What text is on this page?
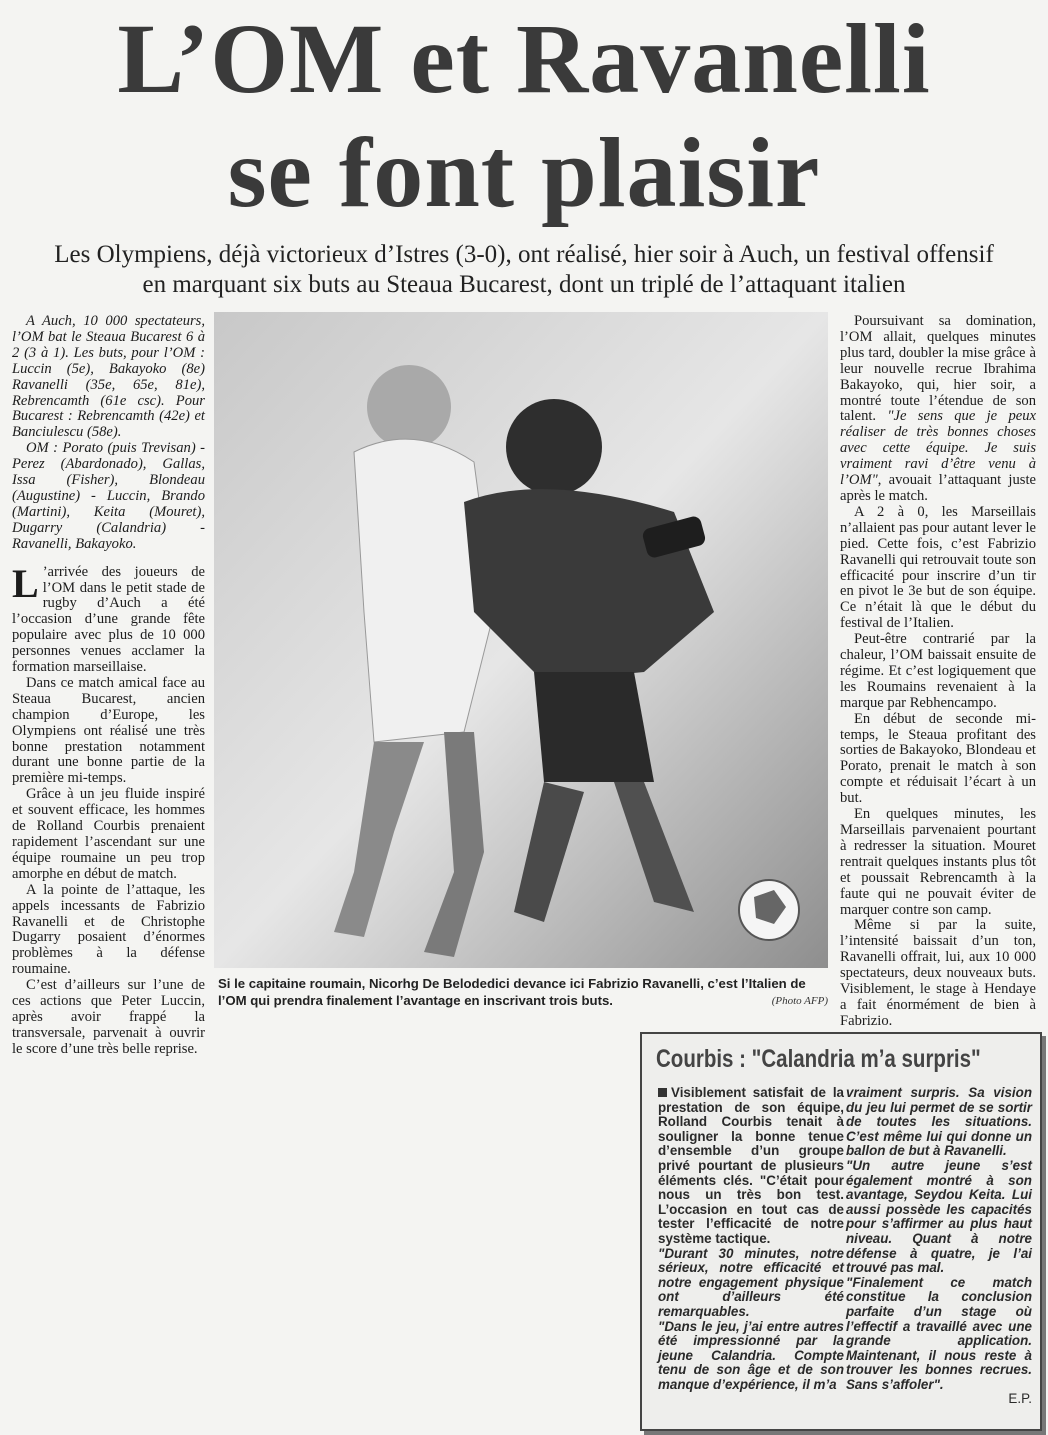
L’OM et Ravanelli
se font plaisir
Les Olympiens, déjà victorieux d’Istres (3-0), ont réalisé, hier soir à Auch, un festival offensif en marquant six buts au Steaua Bucarest, dont un triplé de l’attaquant italien

A Auch, 10 000 spectateurs, l’OM bat le Steaua Bucarest 6 à 2 (3 à 1). Les buts, pour l’OM : Luccin (5e), Bakayoko (8e) Ravanelli (35e, 65e, 81e), Rebrencamth (61e csc). Pour Bucarest : Rebrencamth (42e) et Banciulescu (58e).

OM : Porato (puis Trevisan) - Perez (Abardonado), Gallas, Issa (Fisher), Blondeau (Augustine) - Luccin, Brando (Martini), Keita (Mouret), Dugarry (Calandria) - Ravanelli, Bakayoko.

L ’arrivée des joueurs de l’OM dans le petit stade de rugby d’Auch a été l’occasion d’une grande fête populaire avec plus de 10 000 personnes venues acclamer la formation marseillaise.

Dans ce match amical face au Steaua Bucarest, ancien champion d’Europe, les Olympiens ont réalisé une très bonne prestation notamment durant une bonne partie de la première mi-temps.

Grâce à un jeu fluide inspiré et souvent efficace, les hommes de Rolland Courbis prenaient rapidement l’ascendant sur une équipe roumaine un peu trop amorphe en début de match.

A la pointe de l’attaque, les appels incessants de Fabrizio Ravanelli et de Christophe Dugarry posaient d’énormes problèmes à la défense roumaine.

C’est d’ailleurs sur l’une de ces actions que Peter Luccin, après avoir frappé la transversale, parvenait à ouvrir le score d’une très belle reprise.

Si le capitaine roumain, Nicorhg De Belodedici devance ici Fabrizio Ravanelli, c’est l’Italien de l’OM qui prendra finalement l’avantage en inscrivant trois buts.	(Photo AFP)

Poursuivant sa domination, l’OM allait, quelques minutes plus tard, doubler la mise grâce à leur nouvelle recrue Ibrahima Bakayoko, qui, hier soir, a montré toute l’étendue de son talent. "Je sens que je peux réaliser de très bonnes choses avec cette équipe. Je suis vraiment ravi d’être venu à l’OM", avouait l’attaquant juste après le match.

A 2 à 0, les Marseillais n’allaient pas pour autant lever le pied. Cette fois, c’est Fabrizio Ravanelli qui retrouvait toute son efficacité pour inscrire d’un tir en pivot le 3e but de son équipe. Ce n’était là que le début du festival de l’Italien.

Peut-être contrarié par la chaleur, l’OM baissait ensuite de régime. Et c’est logiquement que les Roumains revenaient à la marque par Rebhencampo.

En début de seconde mi-temps, le Steaua profitant des sorties de Bakayoko, Blondeau et Porato, prenait le match à son compte et réduisait l’écart à un but.

En quelques minutes, les Marseillais parvenaient pourtant à redresser la situation. Mouret rentrait quelques instants plus tôt et poussait Rebrencamth à la faute qui ne pouvait éviter de marquer contre son camp.

Même si par la suite, l’intensité baissait d’un ton, Ravanelli offrait, lui, aux 10 000 spectateurs, deux nouveaux buts. Visiblement, le stage à Hendaye a fait énormément de bien à Fabrizio.

Courbis : "Calandria m’a surpris"

Visiblement satisfait de la prestation de son équipe, Rolland Courbis tenait à souligner la bonne tenue d’ensemble d’un groupe privé pourtant de plusieurs éléments clés. "C’était pour nous un très bon test. L’occasion en tout cas de tester l’efficacité de notre système tactique.

"Durant 30 minutes, notre sérieux, notre efficacité et notre engagement physique ont d’ailleurs été remarquables.

"Dans le jeu, j’ai entre autres été impressionné par la jeune Calandria. Compte tenu de son âge et de son manque d’expérience, il m’a

vraiment surpris. Sa vision du jeu lui permet de se sortir de toutes les situations. C’est même lui qui donne un ballon de but à Ravanelli.

"Un autre jeune s’est également montré à son avantage, Seydou Keita. Lui aussi possède les capacités pour s’affirmer au plus haut niveau. Quant à notre défense à quatre, je l’ai trouvé pas mal.

"Finalement ce match constitue la conclusion parfaite d’un stage où l’effectif a travaillé avec une grande application. Maintenant, il nous reste à trouver les bonnes recrues. Sans s’affoler".

E.P.
